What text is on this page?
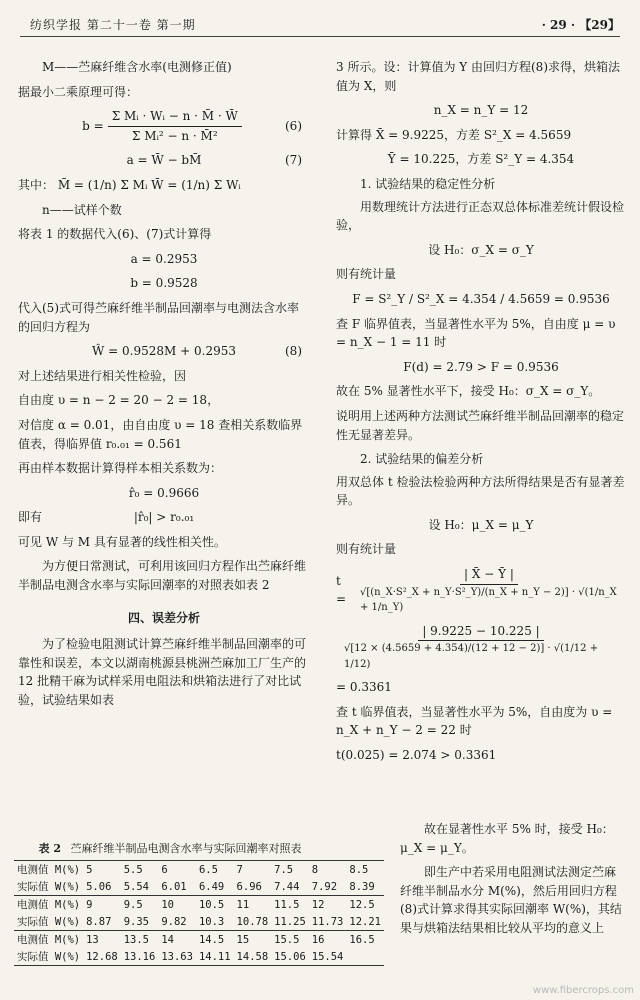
纺织学报 第二十一卷 第一期	· 29 · 【29】

M——苎麻纤维含水率(电测修正值)

据最小二乘原理可得：

$b = \frac{\text{Σ Mᵢ · Wᵢ − n · M̄ · W̄}}{\text{Σ Mᵢ² − n · M̄²}}$	(6)
a = W̄ − bM̄	(7)

其中： M̄ = (1/n) Σ Mᵢ W̄ = (1/n) Σ Wᵢ

n——试样个数

将表 1 的数据代入(6)、(7)式计算得

a = 0.2953
b = 0.9528

代入(5)式可得苎麻纤维半制品回潮率与电测法含水率的回归方程为

Ŵ = 0.9528M + 0.2953	(8)

对上述结果进行相关性检验，因

自由度 υ = n − 2 = 20 − 2 = 18，

对信度 α = 0.01，由自由度 υ = 18 查相关系数临界值表，得临界值 r₀.₀₁ = 0.561

再由样本数据计算得样本相关系数为：

r̂₀ = 0.9666
即有	|r̂₀| > r₀.₀₁

可见 W 与 M 具有显著的线性相关性。

为方便日常测试，可利用该回归方程作出苎麻纤维半制品电测含水率与实际回潮率的对照表如表 2

四、误差分析

为了检验电阻测试计算苎麻纤维半制品回潮率的可靠性和误差，本文以湖南桃源县桃洲苎麻加工厂生产的 12 批精干麻为试样采用电阻法和烘箱法进行了对比试验，试验结果如表

表 2 苎麻纤维半制品电测含水率与实际回潮率对照表
电测值 M(%)	5	5.5	6	6.5	7	7.5	8	8.5
实际值 W(%)	5.06	5.54	6.01	6.49	6.96	7.44	7.92	8.39
电测值 M(%)	9	9.5	10	10.5	11	11.5	12	12.5
实际值 W(%)	8.87	9.35	9.82	10.3	10.78	11.25	11.73	12.21
电测值 M(%)	13	13.5	14	14.5	15	15.5	16	16.5
实际值 W(%)	12.68	13.16	13.63	14.11	14.58	15.06	15.54	

3 所示。设：计算值为 Y 由回归方程(8)求得，烘箱法值为 X，则

n_X = n_Y = 12

计算得 X̄ = 9.9225，方差 S²_X = 4.5659

Ȳ = 10.225，方差 S²_Y = 4.354

1. 试验结果的稳定性分析

用数理统计方法进行正态双总体标准差统计假设检验，

设 H₀：σ_X = σ_Y

则有统计量

F = S²_Y / S²_X = 4.354 / 4.5659 = 0.9536

查 F 临界值表，当显著性水平为 5%，自由度 μ = υ = n_X − 1 = 11 时

F(d) = 2.79 > F = 0.9536

故在 5% 显著性水平下，接受 H₀：σ_X = σ_Y。

说明用上述两种方法测试苎麻纤维半制品回潮率的稳定性无显著差异。

2. 试验结果的偏差分析

用双总体 t 检验法检验两种方法所得结果是否有显著差异。

设 H₀：μ_X = μ_Y

则有统计量

$t = \frac{| X̄ - Ȳ |}{\text{√[(n\_X·S²\_X + n\_Y·S²\_Y)/(n\_X + n\_Y − 2)] · √(1/n\_X + 1/n\_Y)}}$
$\frac{| 9.9225 - 10.225 |}{√[12 \times (4.5659 + 4.354)/(12 + 12 - 2)] \cdot √(1/12 + 1/12)}$

= 0.3361

查 t 临界值表，当显著性水平为 5%，自由度为 υ = n_X + n_Y − 2 = 22 时

t(0.025) = 2.074 > 0.3361

故在显著性水平 5% 时，接受 H₀：μ_X = μ_Y。

即生产中若采用电阻测试法测定苎麻纤维半制品水分 M(%)，然后用回归方程(8)式计算求得其实际回潮率 W(%)，其结果与烘箱法结果相比较从平均的意义上

www.fibercrops.com
